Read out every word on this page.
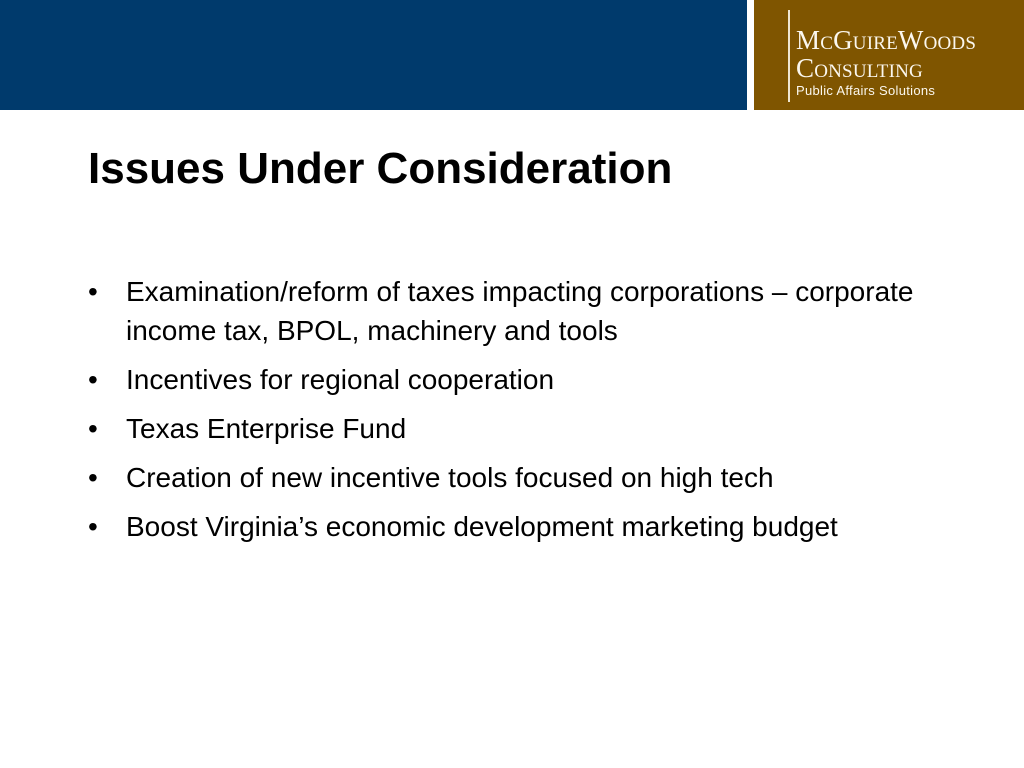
McGuireWoods
Consulting
Public Affairs Solutions
Issues Under Consideration
•	Examination/reform of taxes impacting corporations – corporate income tax, BPOL, machinery and tools
•	Incentives for regional cooperation
•	Texas Enterprise Fund
•	Creation of new incentive tools focused on high tech
•	Boost Virginia’s economic development marketing budget
